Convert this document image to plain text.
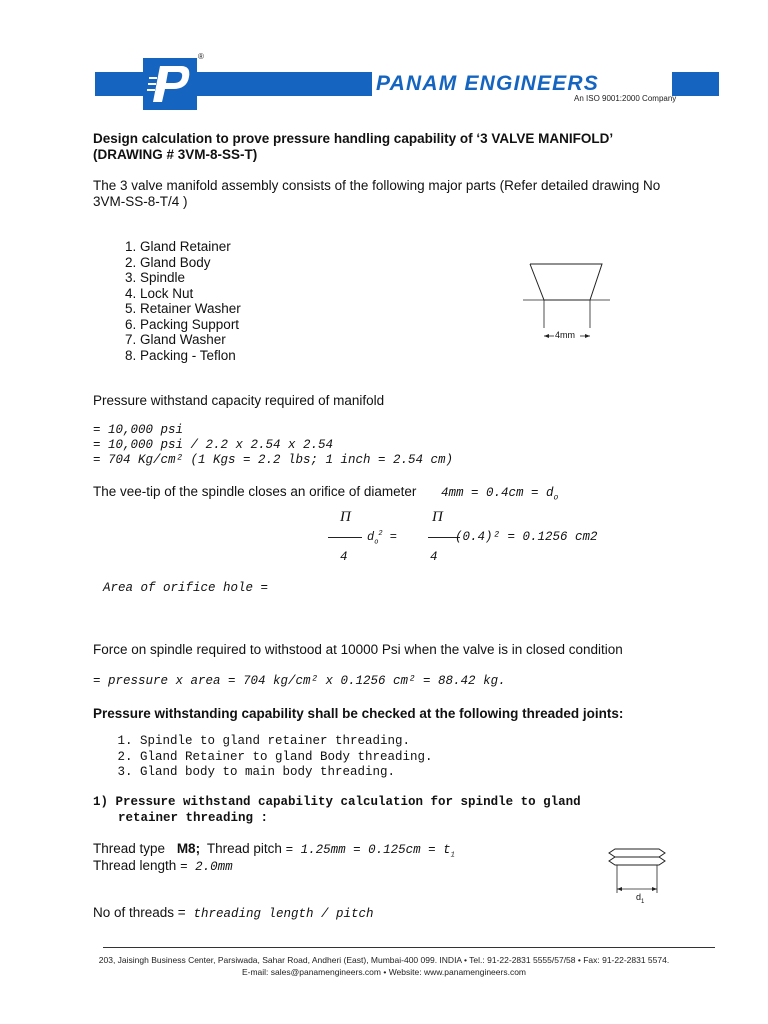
®
PANAM ENGINEERS
An ISO 9001:2000 Company
Design calculation to prove pressure handling capability of ‘3 VALVE MANIFOLD’
(DRAWING # 3VM-8-SS-T)
The 3 valve manifold assembly consists of the following major parts (Refer detailed drawing No
3VM-SS-8-T/4 )
1. Gland Retainer
2. Gland Body
3. Spindle
4. Lock Nut
5. Retainer Washer
6. Packing Support
7. Gland Washer
8. Packing - Teflon
4mm
Pressure withstand capacity required of manifold
= 10,000 psi
= 10,000 psi / 2.2 x 2.54 x 2.54
= 704 Kg/cm² (1 Kgs = 2.2 lbs; 1 inch = 2.54 cm)
The vee-tip of the spindle closes an orifice of diameter $4mm = 0.4cm = d_o$
Π
4
$d_o^2$ =
Π
4
(0.4)² = 0.1256 cm2
Area of orifice hole =
Force on spindle required to withstood at 10000 Psi when the valve is in closed condition
= pressure x area = 704 kg/cm² x 0.1256 cm² = 88.42 kg.
Pressure withstanding capability shall be checked at the following threaded joints:
1. Spindle to gland retainer threading.
2. Gland Retainer to gland Body threading.
3. Gland body to main body threading.
1) Pressure withstand capability calculation for spindle to gland
retainer threading :
Thread type M8; Thread pitch = $1.25mm = 0.125cm = t_1$
Thread length = 2.0mm
$d_1$
No of threads = threading length / pitch
203, Jaisingh Business Center, Parsiwada, Sahar Road, Andheri (East), Mumbai-400 099. INDIA • Tel.: 91-22-2831 5555/57/58 • Fax: 91-22-2831 5574.
E-mail: sales@panamengineers.com • Website: www.panamengineers.com
